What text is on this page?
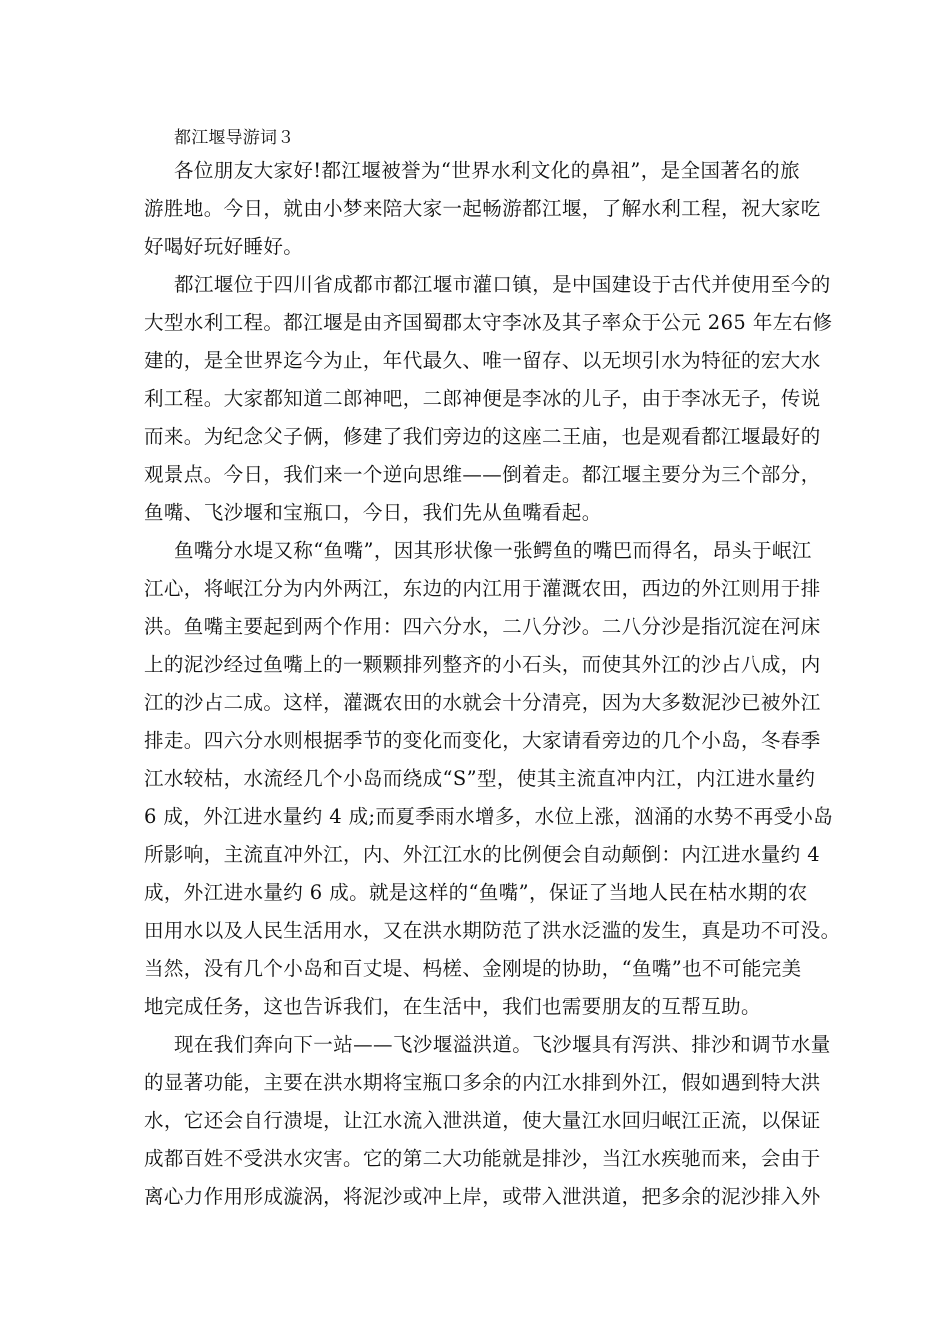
都江堰导游词３
各位朋友大家好!都江堰被誉为“世界水利文化的鼻祖”，是全国著名的旅
游胜地。今日，就由小梦来陪大家一起畅游都江堰，了解水利工程，祝大家吃
好喝好玩好睡好。
都江堰位于四川省成都市都江堰市灌口镇，是中国建设于古代并使用至今的
大型水利工程。都江堰是由齐国蜀郡太守李冰及其子率众于公元 265 年左右修
建的，是全世界迄今为止，年代最久、唯一留存、以无坝引水为特征的宏大水
利工程。大家都知道二郎神吧，二郎神便是李冰的儿子，由于李冰无子，传说
而来。为纪念父子俩，修建了我们旁边的这座二王庙，也是观看都江堰最好的
观景点。今日，我们来一个逆向思维——倒着走。都江堰主要分为三个部分，
鱼嘴、飞沙堰和宝瓶口，今日，我们先从鱼嘴看起。
鱼嘴分水堤又称“鱼嘴”，因其形状像一张鳄鱼的嘴巴而得名，昂头于岷江
江心，将岷江分为内外两江，东边的内江用于灌溉农田，西边的外江则用于排
洪。鱼嘴主要起到两个作用：四六分水，二八分沙。二八分沙是指沉淀在河床
上的泥沙经过鱼嘴上的一颗颗排列整齐的小石头，而使其外江的沙占八成，内
江的沙占二成。这样，灌溉农田的水就会十分清亮，因为大多数泥沙已被外江
排走。四六分水则根据季节的变化而变化，大家请看旁边的几个小岛，冬春季
江水较枯，水流经几个小岛而绕成“S”型，使其主流直冲内江，内江进水量约
6 成，外江进水量约 4 成;而夏季雨水增多，水位上涨，汹涌的水势不再受小岛
所影响，主流直冲外江，内、外江江水的比例便会自动颠倒：内江进水量约 4
成，外江进水量约 6 成。就是这样的“鱼嘴”，保证了当地人民在枯水期的农
田用水以及人民生活用水，又在洪水期防范了洪水泛滥的发生，真是功不可没。
当然，没有几个小岛和百丈堤、杩槎、金刚堤的协助，“鱼嘴”也不可能完美
地完成任务，这也告诉我们，在生活中，我们也需要朋友的互帮互助。
现在我们奔向下一站——飞沙堰溢洪道。飞沙堰具有泻洪、排沙和调节水量
的显著功能，主要在洪水期将宝瓶口多余的内江水排到外江，假如遇到特大洪
水，它还会自行溃堤，让江水流入泄洪道，使大量江水回归岷江正流，以保证
成都百姓不受洪水灾害。它的第二大功能就是排沙，当江水疾驰而来，会由于
离心力作用形成漩涡，将泥沙或冲上岸，或带入泄洪道，把多余的泥沙排入外
